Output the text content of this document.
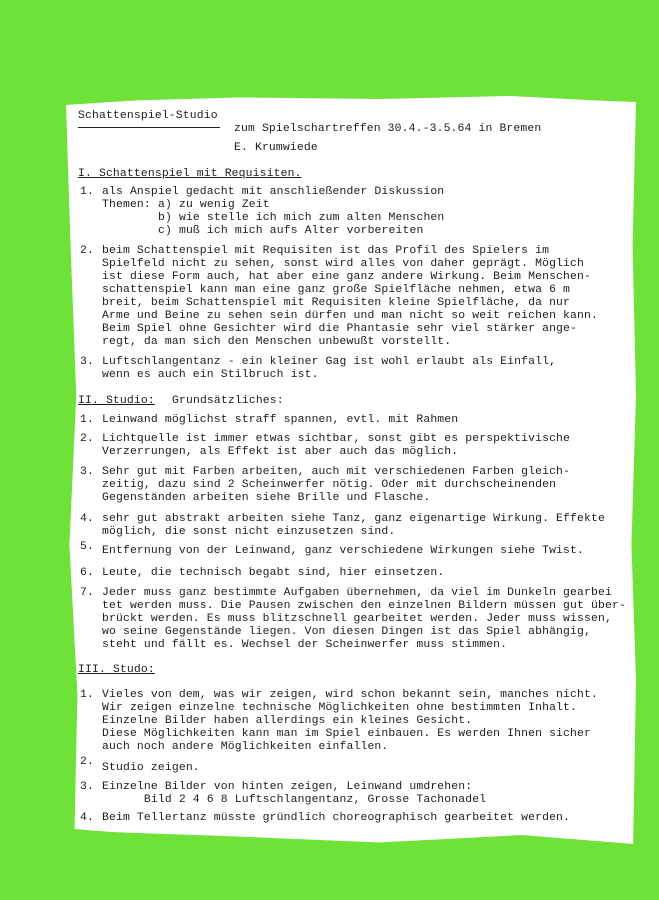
Schattenspiel-Studio
zum Spielschartreffen 30.4.-3.5.64 in Bremen
E. Krumwiede
I. Schattenspiel mit Requisiten.
1. als Anspiel gedacht mit anschließender Diskussion
Themen: a) zu wenig Zeit
b) wie stelle ich mich zum alten Menschen
c) muß ich mich aufs Alter vorbereiten
2. beim Schattenspiel mit Requisiten ist das Profil des Spielers im
Spielfeld nicht zu sehen, sonst wird alles von daher geprägt. Möglich
ist diese Form auch, hat aber eine ganz andere Wirkung. Beim Menschen-
schattenspiel kann man eine ganz große Spielfläche nehmen, etwa 6 m
breit, beim Schattenspiel mit Requisiten kleine Spielfläche, da nur
Arme und Beine zu sehen sein dürfen und man nicht so weit reichen kann.
Beim Spiel ohne Gesichter wird die Phantasie sehr viel stärker ange-
regt, da man sich den Menschen unbewußt vorstellt.
3. Luftschlangentanz - ein kleiner Gag ist wohl erlaubt als Einfall,
wenn es auch ein Stilbruch ist.
II. Studio: Grundsätzliches:
1. Leinwand möglichst straff spannen, evtl. mit Rahmen
2. Lichtquelle ist immer etwas sichtbar, sonst gibt es perspektivische
Verzerrungen, als Effekt ist aber auch das möglich.
3. Sehr gut mit Farben arbeiten, auch mit verschiedenen Farben gleich-
zeitig, dazu sind 2 Scheinwerfer nötig. Oder mit durchscheinenden
Gegenständen arbeiten siehe Brille und Flasche.
4. sehr gut abstrakt arbeiten siehe Tanz, ganz eigenartige Wirkung. Effekte
möglich, die sonst nicht einzusetzen sind.
5. Entfernung von der Leinwand, ganz verschiedene Wirkungen siehe Twist.
6. Leute, die technisch begabt sind, hier einsetzen.
7. Jeder muss ganz bestimmte Aufgaben übernehmen, da viel im Dunkeln gearbei
tet werden muss. Die Pausen zwischen den einzelnen Bildern müssen gut über-
brückt werden. Es muss blitzschnell gearbeitet werden. Jeder muss wissen,
wo seine Gegenstände liegen. Von diesen Dingen ist das Spiel abhängig,
steht und fällt es. Wechsel der Scheinwerfer muss stimmen.
III. Studo:
1. Vieles von dem, was wir zeigen, wird schon bekannt sein, manches nicht.
Wir zeigen einzelne technische Möglichkeiten ohne bestimmten Inhalt.
Einzelne Bilder haben allerdings ein kleines Gesicht.
Diese Möglichkeiten kann man im Spiel einbauen. Es werden Ihnen sicher
auch noch andere Möglichkeiten einfallen.
2. Studio zeigen.
3. Einzelne Bilder von hinten zeigen, Leinwand umdrehen:
Bild 2 4 6 8 Luftschlangentanz, Grosse Tachonadel
4. Beim Tellertanz müsste gründlich choreographisch gearbeitet werden.
